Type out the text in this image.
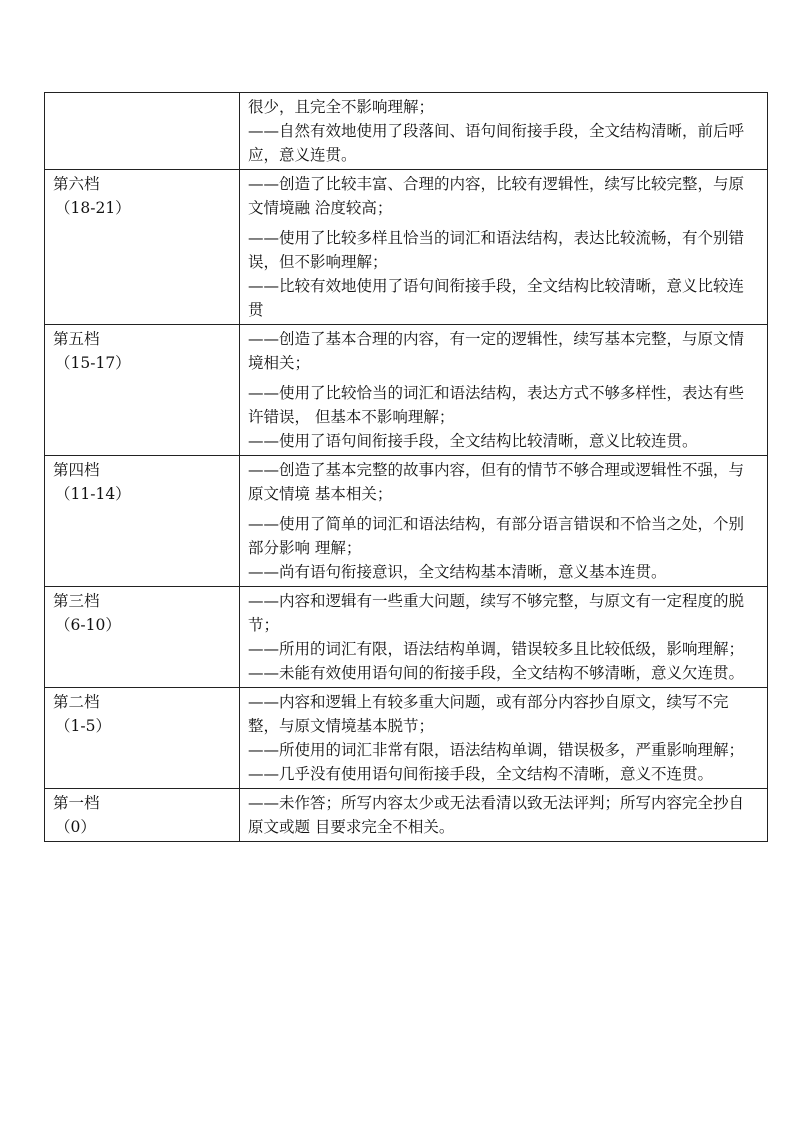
	很少，且完全不影响理解；
——自然有效地使用了段落间、语句间衔接手段，全文结构清晰，前后呼应，意义连贯。

第六档
（18-21）	——创造了比较丰富、合理的内容，比较有逻辑性，续写比较完整，与原文情境融 洽度较高；
——使用了比较多样且恰当的词汇和语法结构，表达比较流畅，有个别错误，但不影响理解；
——比较有效地使用了语句间衔接手段，全文结构比较清晰，意义比较连贯

第五档
（15-17）	——创造了基本合理的内容，有一定的逻辑性，续写基本完整，与原文情境相关；
——使用了比较恰当的词汇和语法结构，表达方式不够多样性，表达有些许错误， 但基本不影响理解；
——使用了语句间衔接手段，全文结构比较清晰，意义比较连贯。

第四档
（11-14）	——创造了基本完整的故事内容，但有的情节不够合理或逻辑性不强，与原文情境 基本相关；
——使用了简单的词汇和语法结构，有部分语言错误和不恰当之处，个别部分影响 理解；
——尚有语句衔接意识，全文结构基本清晰，意义基本连贯。

第三档
（6-10）	——内容和逻辑有一些重大问题，续写不够完整，与原文有一定程度的脱节；
——所用的词汇有限，语法结构单调，错误较多且比较低级，影响理解；
——未能有效使用语句间的衔接手段，全文结构不够清晰，意义欠连贯。

第二档
（1-5）	——内容和逻辑上有较多重大问题，或有部分内容抄自原文，续写不完整，与原文情境基本脱节；
——所使用的词汇非常有限，语法结构单调，错误极多，严重影响理解；
——几乎没有使用语句间衔接手段，全文结构不清晰，意义不连贯。

第一档
（0）	——未作答；所写内容太少或无法看清以致无法评判；所写内容完全抄自原文或题 目要求完全不相关。
